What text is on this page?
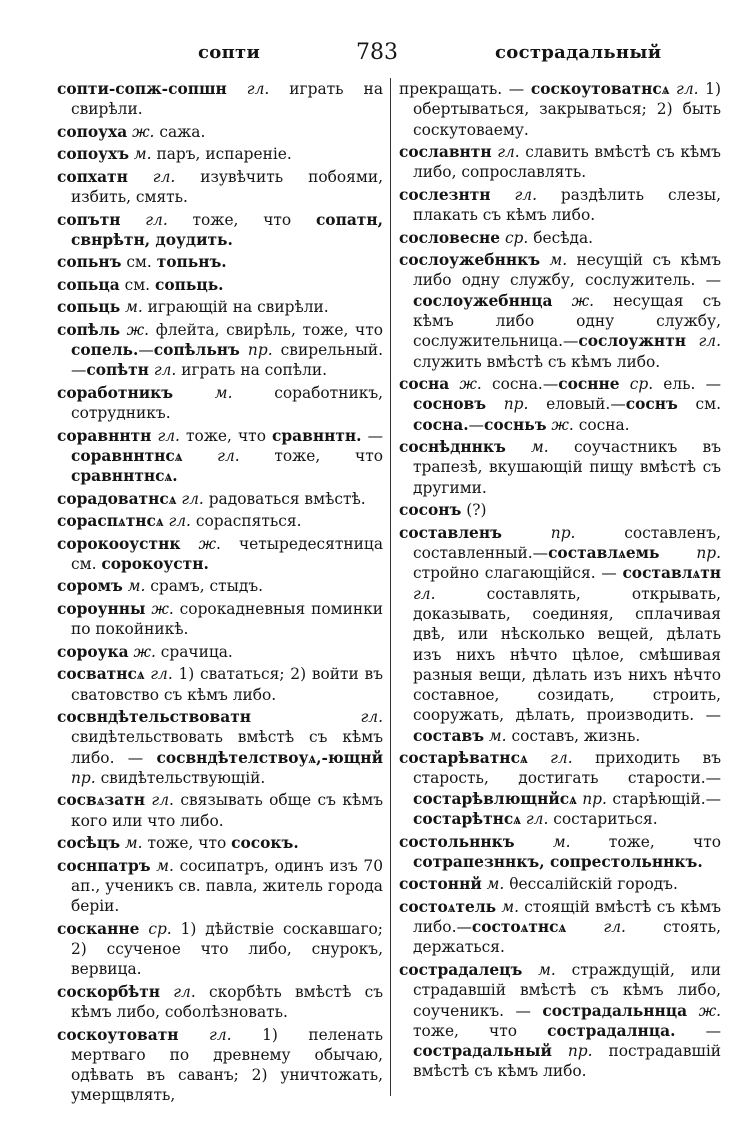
сопти	783	сострадальный
сопти-сопж-сопшн гл. играть на свирѣли.
сопоуха ж. сажа.
сопоухъ м. паръ, испареніе.
сопхатн гл. изувѣчить побоями, избить, смять.
сопътн гл. тоже, что сопатн, свнрѣтн, доудить.
сопьнъ см. топьнъ.
сопьца см. сопьць.
сопьць м. играющій на свирѣли.
сопѣль ж. флейта, свирѣль, тоже, что сопель.—сопѣльнъ пр. свирельный.—сопѣтн гл. играть на сопѣли.
соработникъ м. соработникъ, сотрудникъ.
соравннтн гл. тоже, что сравннтн. — соравннтнсѧ гл. тоже, что сравннтнсѧ.
сорадоватнсѧ гл. радоваться вмѣстѣ.
сораспѧтнсѧ гл. сораспяться.
сорокооустнк ж. четыредесятница см. сорокоустн.
соромъ м. срамъ, стыдъ.
сороунны ж. сорокадневныя поминки по покойникѣ.
сороука ж. срачица.
сосватнсѧ гл. 1) свататься; 2) войти въ сватовство съ кѣмъ либо.
сосвндѣтельствоватн гл. свидѣтельствовать вмѣстѣ съ кѣмъ либо. — сосвндѣтелствоуѧ,-ющнй пр. свидѣтельствующій.
сосвѧзатн гл. связывать обще съ кѣмъ кого или что либо.
сосѣцъ м. тоже, что сосокъ.
соснпатръ м. сосипатръ, одинъ изъ 70 ап., ученикъ св. павла, житель города беріи.
сосканне ср. 1) дѣйствіе соскавшаго; 2) ссученое что либо, снурокъ, вервица.
соскорбѣтн гл. скорбѣть вмѣстѣ съ кѣмъ либо, соболѣзновать.
соскоутоватн гл. 1) пеленать мертваго по древнему обычаю, одѣвать въ саванъ; 2) уничтожать, умерщвлять,
прекращать. — соскоутоватнсѧ гл. 1) обертываться, закрываться; 2) быть соскутоваему.
сославнтн гл. славить вмѣстѣ съ кѣмъ либо, сопрославлять.
сослезнтн гл. раздѣлить слезы, плакать съ кѣмъ либо.
сословесне ср. бесѣда.
сослоужебннкъ м. несущій съ кѣмъ либо одну службу, сослужитель. — сослоужебннца ж. несущая съ кѣмъ либо одну службу, сослужительница.—сослоужнтн гл. служить вмѣстѣ съ кѣмъ либо.
сосна ж. сосна.—соснне ср. ель. — сосновъ пр. еловый.—соснъ см. сосна.—сосньъ ж. сосна.
соснѣдннкъ м. соучастникъ въ трапезѣ, вкушающій пищу вмѣстѣ съ другими.
сосонъ (?)
составленъ пр. составленъ, составленный.—составлѧемь пр. стройно слагающійся. — составлѧтн гл. составлять, открывать, доказывать, соединяя, сплачивая двѣ, или нѣсколько вещей, дѣлать изъ нихъ нѣчто цѣлое, смѣшивая разныя вещи, дѣлать изъ нихъ нѣчто составное, созидать, строить, сооружать, дѣлать, производить. — составъ м. составъ, жизнь.
состарѣватнсѧ гл. приходить въ старость, достигать старости.—состарѣвлющнйсѧ пр. старѣющій.—состарѣтнсѧ гл. состариться.
состольннкъ м. тоже, что сотрапезннкъ, сопрестольннкъ.
состоннй м. θессалійскій городъ.
состоѧтель м. стоящій вмѣстѣ съ кѣмъ либо.—состоѧтнсѧ гл. стоять, держаться.
сострадалецъ м. страждущій, или страдавшій вмѣстѣ съ кѣмъ либо, соученикъ. — сострадальннца ж. тоже, что сострадалнца. — сострадальный пр. пострадавшій вмѣстѣ съ кѣмъ либо.
